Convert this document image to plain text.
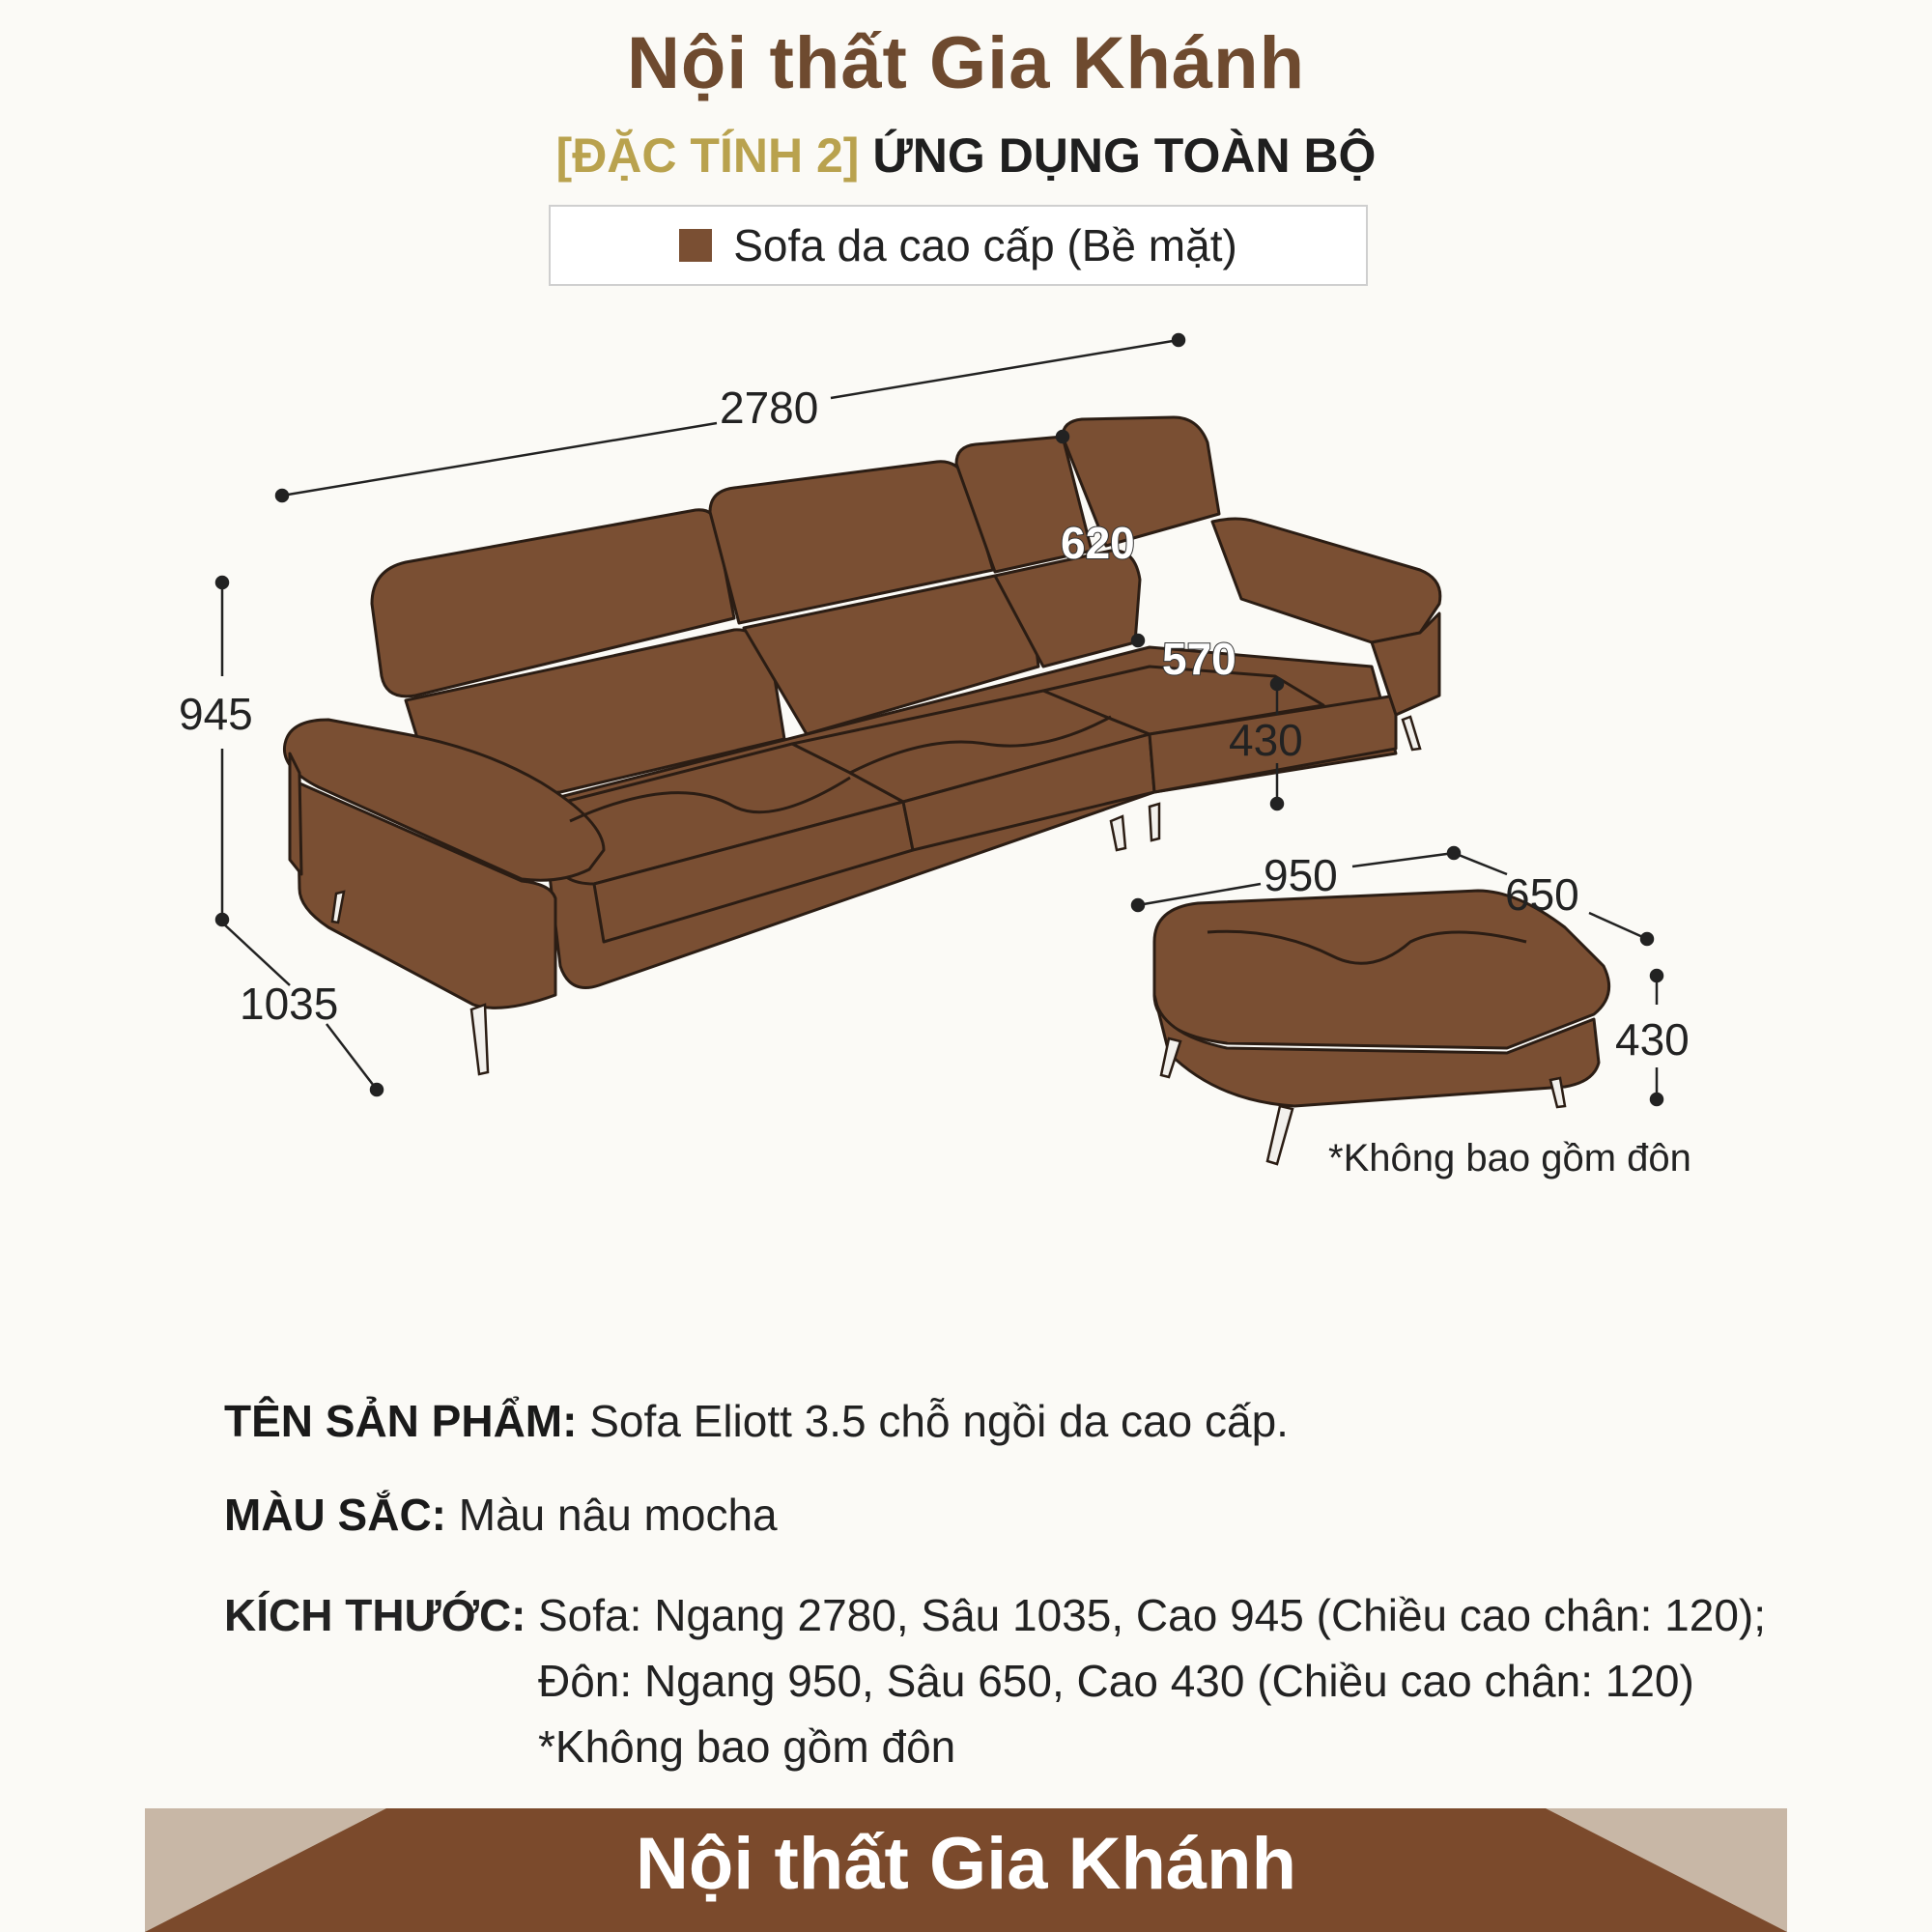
Nội thất Gia Khánh
[ĐẶC TÍNH 2] ỨNG DỤNG TOÀN BỘ
Sofa da cao cấp (Bề mặt)
2780
945
1035
620
570
430
950	650
430
*Không bao gồm đôn
TÊN SẢN PHẨM: Sofa Eliott 3.5 chỗ ngồi da cao cấp.
MÀU SẮC: Màu nâu mocha
KÍCH THƯỚC: Sofa: Ngang 2780, Sâu 1035, Cao 945 (Chiều cao chân: 120);
Đôn: Ngang 950, Sâu 650, Cao 430 (Chiều cao chân: 120)
*Không bao gồm đôn
Nội thất Gia Khánh
